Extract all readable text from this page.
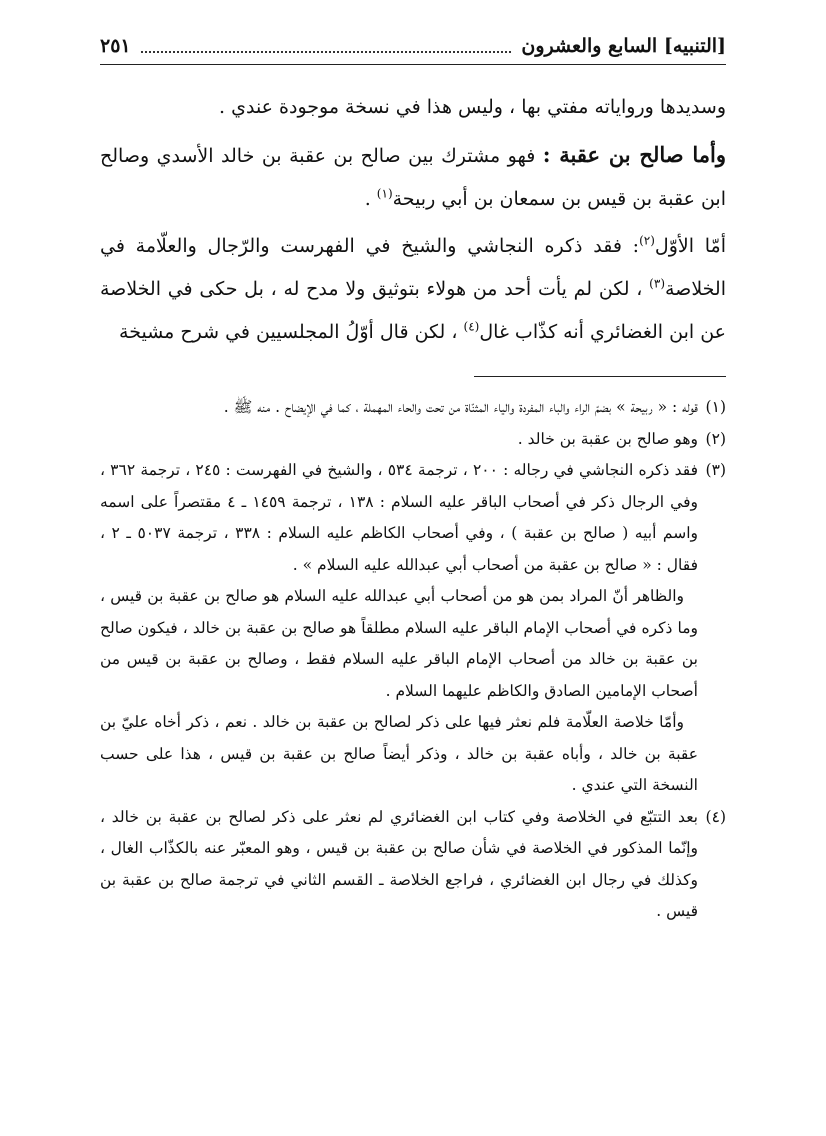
[التنبيه] السابع والعشرون
٢٥١

وسديدها ورواياته مفتي بها ، وليس هذا في نسخة موجودة عندي .

وأما صالح بن عقبة : فهو مشترك بين صالح بن عقبة بن خالد الأسدي وصالح ابن عقبة بن قيس بن سمعان بن أبي ربيحة$^{(١)}$ .

أمّا الأوّل$^{(٢)}$: فقد ذكره النجاشي والشيخ في الفهرست والرّجال والعلّامة في الخلاصة$^{(٣)}$ ، لكن لم يأت أحد من هولاء بتوثيق ولا مدح له ، بل حكى في الخلاصة عن ابن الغضائري أنه كذّاب غال$^{(٤)}$ ، لكن قال أوّلُ المجلسيين في شرح مشيخة

(١)

قوله : « ربيحة » بضمّ الراء والباء المفردة والياء المثنّاة من تحت والحاء المهملة ، كما في الإيضاح . منه ﷺ .

(٢)

وهو صالح بن عقبة بن خالد .

(٣)

فقد ذكره النجاشي في رجاله : ٢٠٠ ، ترجمة ٥٣٤ ، والشيخ في الفهرست : ٢٤٥ ، ترجمة ٣٦٢ ، وفي الرجال ذكر في أصحاب الباقر عليه السلام : ١٣٨ ، ترجمة ١٤٥٩ ـ ٤ مقتصراً على اسمه واسم أبيه ( صالح بن عقبة ) ، وفي أصحاب الكاظم عليه السلام : ٣٣٨ ، ترجمة ٥٠٣٧ ـ ٢ ، فقال : « صالح بن عقبة من أصحاب أبي عبدالله عليه السلام » .

والظاهر أنّ المراد بمن هو من أصحاب أبي عبدالله عليه السلام هو صالح بن عقبة بن قيس ، وما ذكره في أصحاب الإمام الباقر عليه السلام مطلقاً هو صالح بن عقبة بن خالد ، فيكون صالح بن عقبة بن خالد من أصحاب الإمام الباقر عليه السلام فقط ، وصالح بن عقبة بن قيس من أصحاب الإمامين الصادق والكاظم عليهما السلام .

وأمّا خلاصة العلّامة فلم نعثر فيها على ذكر لصالح بن عقبة بن خالد . نعم ، ذكر أخاه عليّ بن عقبة بن خالد ، وأباه عقبة بن خالد ، وذكر أيضاً صالح بن عقبة بن قيس ، هذا على حسب النسخة التي عندي .

(٤)

بعد التتبّع في الخلاصة وفي كتاب ابن الغضائري لم نعثر على ذكر لصالح بن عقبة بن خالد ، وإنّما المذكور في الخلاصة في شأن صالح بن عقبة بن قيس ، وهو المعبّر عنه بالكذّاب الغال ، وكذلك في رجال ابن الغضائري ، فراجع الخلاصة ـ القسم الثاني في ترجمة صالح بن عقبة بن قيس .
